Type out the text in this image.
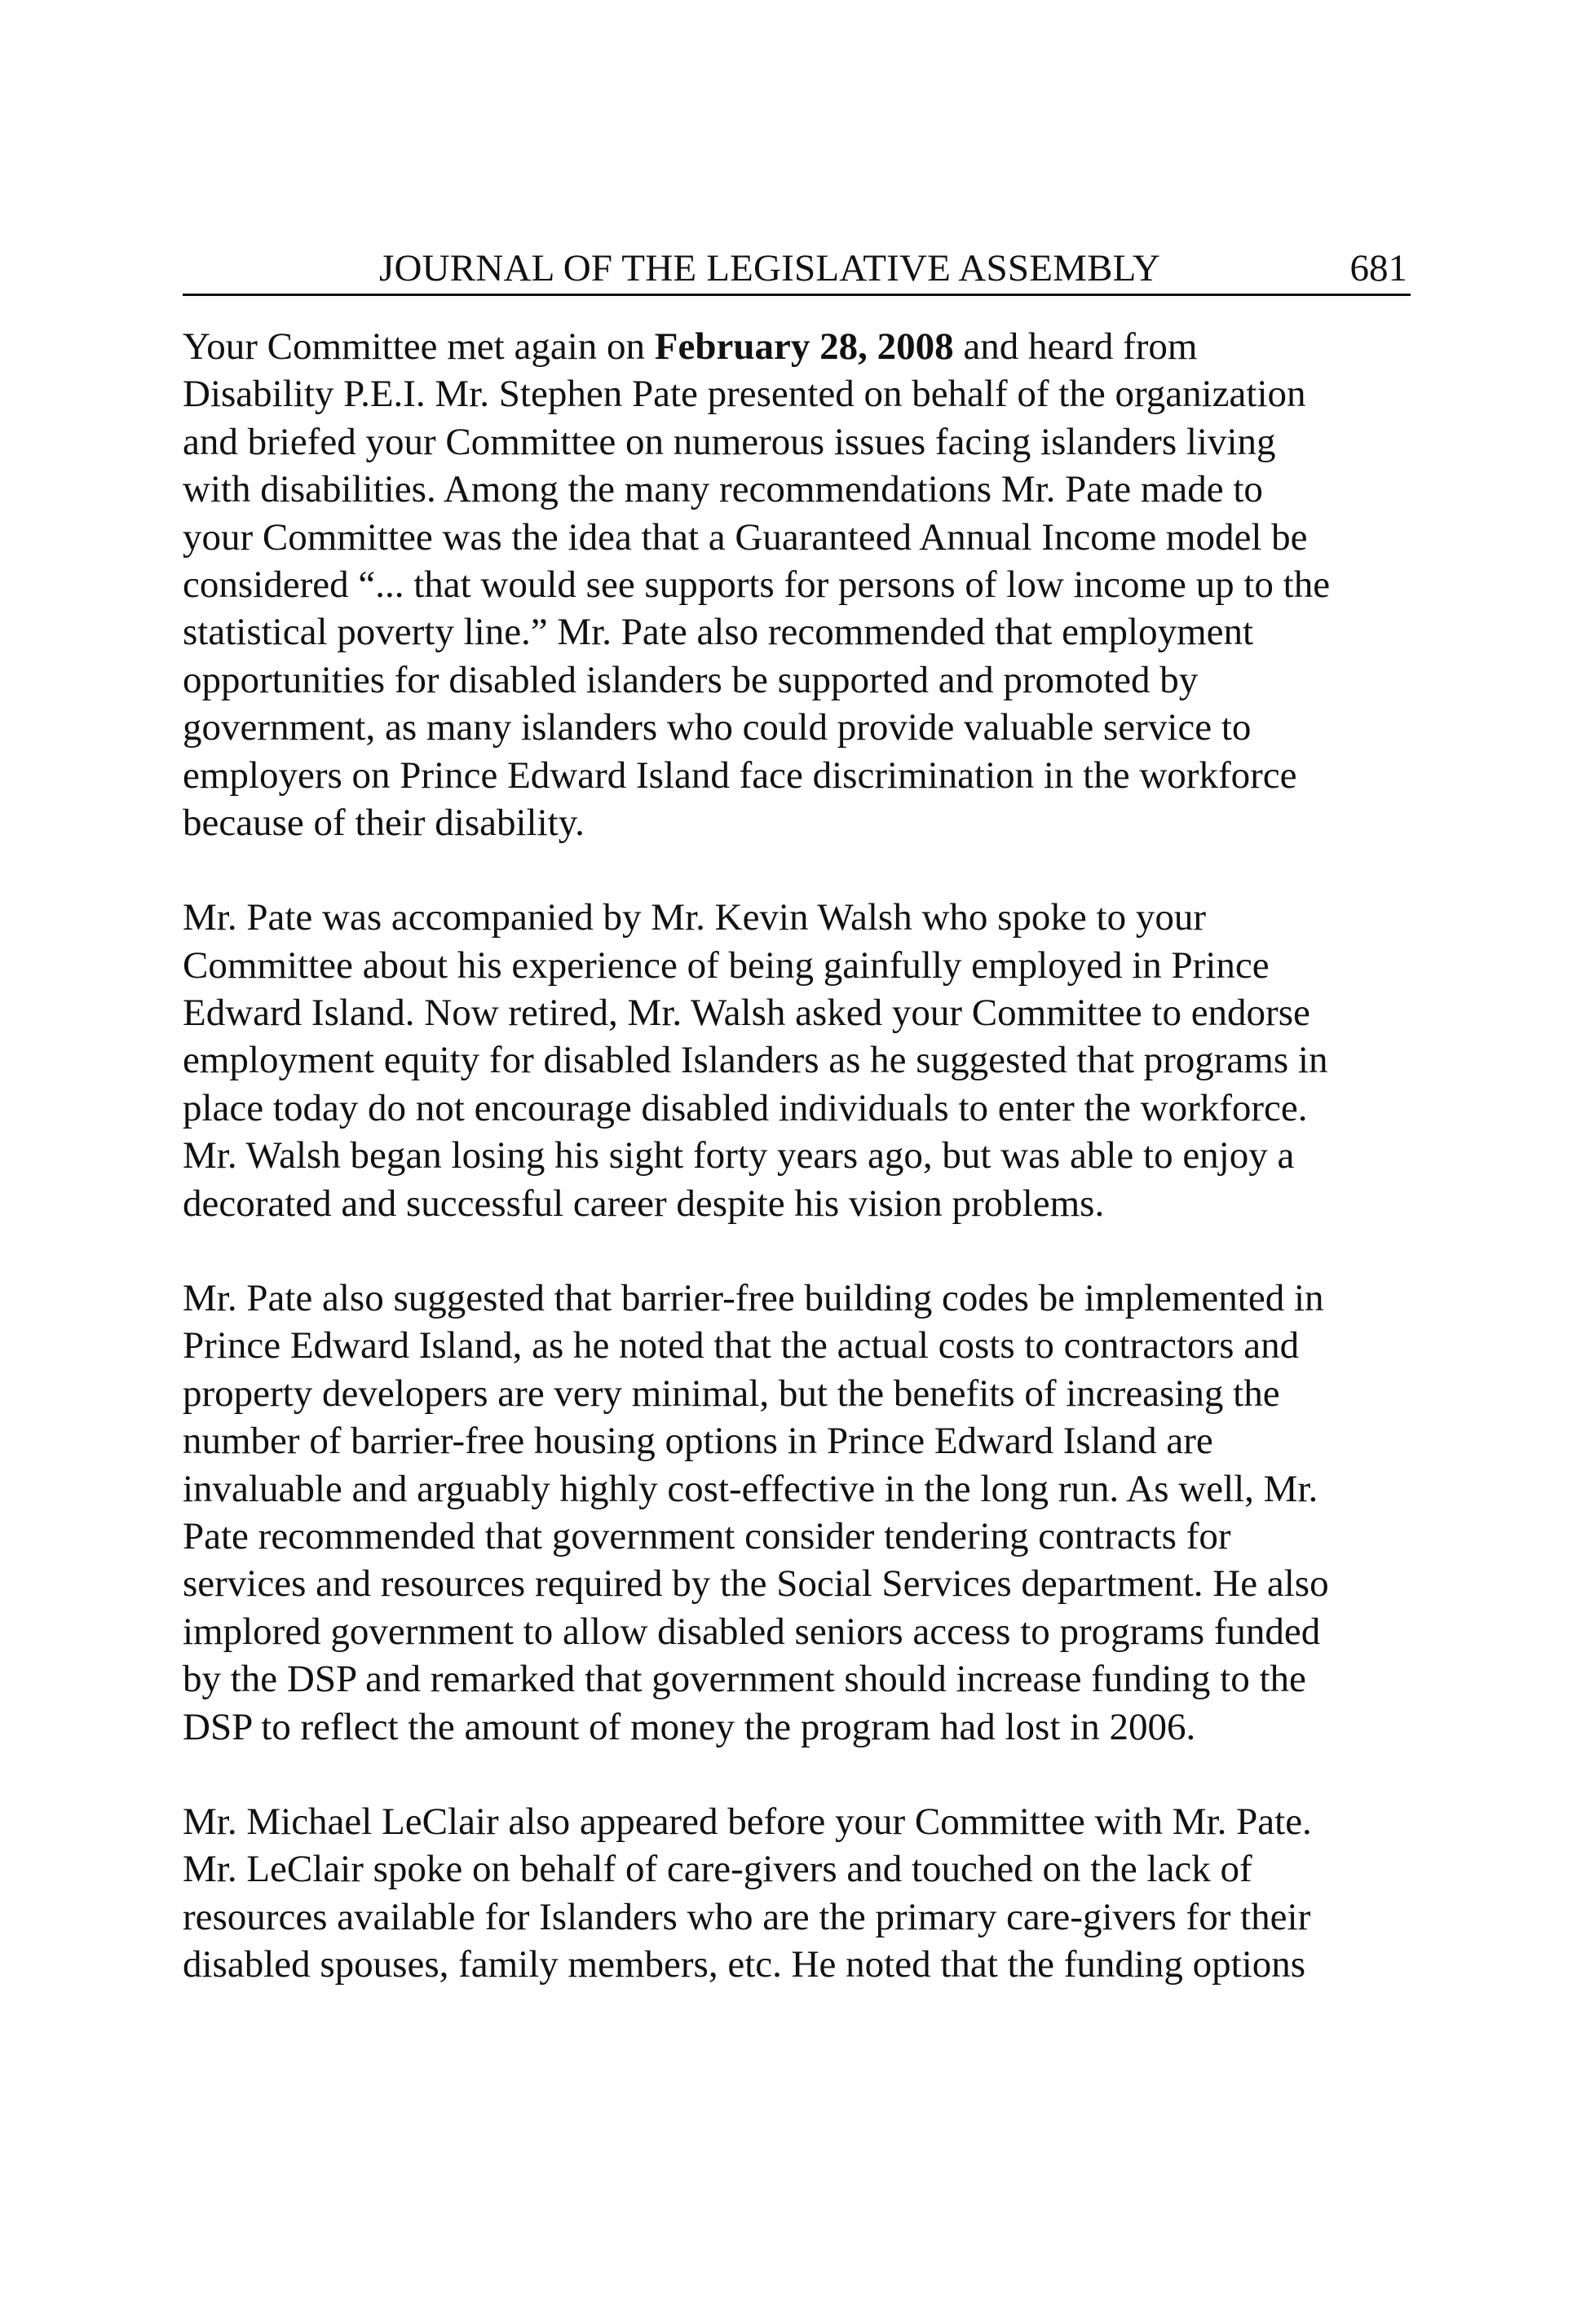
JOURNAL OF THE LEGISLATIVE ASSEMBLY	681
Your Committee met again on February 28, 2008 and heard from
Disability P.E.I. Mr. Stephen Pate presented on behalf of the organization
and briefed your Committee on numerous issues facing islanders living
with disabilities. Among the many recommendations Mr. Pate made to
your Committee was the idea that a Guaranteed Annual Income model be
considered “... that would see supports for persons of low income up to the
statistical poverty line.” Mr. Pate also recommended that employment
opportunities for disabled islanders be supported and promoted by
government, as many islanders who could provide valuable service to
employers on Prince Edward Island face discrimination in the workforce
because of their disability.
Mr. Pate was accompanied by Mr. Kevin Walsh who spoke to your
Committee about his experience of being gainfully employed in Prince
Edward Island. Now retired, Mr. Walsh asked your Committee to endorse
employment equity for disabled Islanders as he suggested that programs in
place today do not encourage disabled individuals to enter the workforce.
Mr. Walsh began losing his sight forty years ago, but was able to enjoy a
decorated and successful career despite his vision problems.
Mr. Pate also suggested that barrier-free building codes be implemented in
Prince Edward Island, as he noted that the actual costs to contractors and
property developers are very minimal, but the benefits of increasing the
number of barrier-free housing options in Prince Edward Island are
invaluable and arguably highly cost-effective in the long run. As well, Mr.
Pate recommended that government consider tendering contracts for
services and resources required by the Social Services department. He also
implored government to allow disabled seniors access to programs funded
by the DSP and remarked that government should increase funding to the
DSP to reflect the amount of money the program had lost in 2006.
Mr. Michael LeClair also appeared before your Committee with Mr. Pate.
Mr. LeClair spoke on behalf of care-givers and touched on the lack of
resources available for Islanders who are the primary care-givers for their
disabled spouses, family members, etc. He noted that the funding options
